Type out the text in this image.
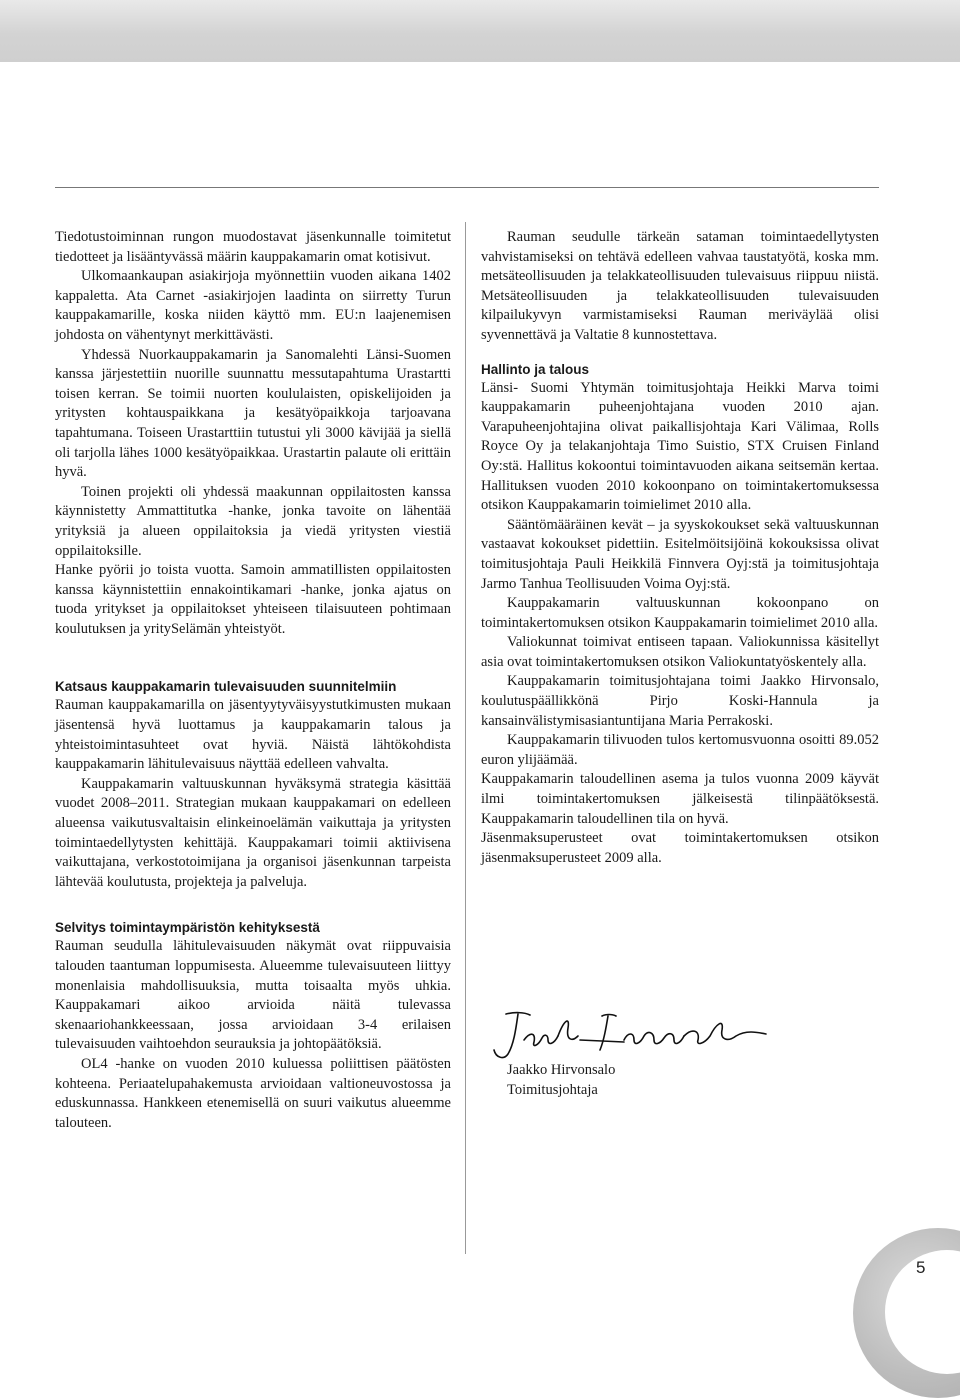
Tiedotustoiminnan rungon muodostavat jäsenkunnalle toimitetut tiedotteet ja lisääntyvässä määrin kauppakamarin omat kotisivut.

Ulkomaankaupan asiakirjoja myönnettiin vuoden aikana 1402 kappaletta. Ata Carnet -asiakirjojen laadinta on siirretty Turun kauppakamarille, koska niiden käyttö mm. EU:n laajenemisen johdosta on vähentynyt merkittävästi.

Yhdessä Nuorkauppakamarin ja Sanomalehti Länsi-Suomen kanssa järjestettiin nuorille suunnattu messutapahtuma Urastartti toisen kerran. Se toimii nuorten koululaisten, opiskelijoiden ja yritysten kohtauspaikkana ja kesätyöpaikkoja tarjoavana tapahtumana. Toiseen Urastarttiin tutustui yli 3000 kävijää ja siellä oli tarjolla lähes 1000 kesätyöpaikkaa. Urastartin palaute oli erittäin hyvä.

Toinen projekti oli yhdessä maakunnan oppilaitosten kanssa käynnistetty Ammattitutka -hanke, jonka tavoite on lähentää yrityksiä ja alueen oppilaitoksia ja viedä yritysten viestiä oppilaitoksille.

Hanke pyörii jo toista vuotta. Samoin ammatillisten oppilaitosten kanssa käynnistettiin ennakointikamari -hanke, jonka ajatus on tuoda yritykset ja oppilaitokset yhteiseen tilaisuuteen pohtimaan koulutuksen ja yritySelämän yhteistyöt.

Katsaus kauppakamarin tulevaisuuden suunnitelmiin

Rauman kauppakamarilla on jäsentyytyväisyystutkimusten mukaan jäsentensä hyvä luottamus ja kauppakamarin talous ja yhteistoimintasuhteet ovat hyviä. Näistä lähtökohdista kauppakamarin lähitulevaisuus näyttää edelleen vahvalta.

Kauppakamarin valtuuskunnan hyväksymä strategia käsittää vuodet 2008–2011. Strategian mukaan kauppakamari on edelleen alueensa vaikutusvaltaisin elinkeinoelämän vaikuttaja ja yritysten toimintaedellytysten kehittäjä. Kauppakamari toimii aktiivisena vaikuttajana, verkostotoimijana ja organisoi jäsenkunnan tarpeista lähtevää koulutusta, projekteja ja palveluja.

Selvitys toimintaympäristön kehityksestä

Rauman seudulla lähitulevaisuuden näkymät ovat riippuvaisia talouden taantuman loppumisesta. Alueemme tulevaisuuteen liittyy monenlaisia mahdollisuuksia, mutta toisaalta myös uhkia. Kauppakamari aikoo arvioida näitä tulevassa skenaariohankkeessaan, jossa arvioidaan 3-4 erilaisen tulevaisuuden vaihtoehdon seurauksia ja johtopäätöksiä.

OL4 -hanke on vuoden 2010 kuluessa poliittisen päätösten kohteena. Periaatelupahakemusta arvioidaan valtioneuvostossa ja eduskunnassa. Hankkeen etenemisellä on suuri vaikutus alueemme talouteen.

Rauman seudulle tärkeän sataman toimintaedellytysten vahvistamiseksi on tehtävä edelleen vahvaa taustatyötä, koska mm. metsäteollisuuden ja telakkateollisuuden tulevaisuus riippuu niistä. Metsäteollisuuden ja telakkateollisuuden tulevaisuuden kilpailukyvyn varmistamiseksi Rauman meriväylää olisi syvennettävä ja Valtatie 8 kunnostettava.

Hallinto ja talous

Länsi- Suomi Yhtymän toimitusjohtaja Heikki Marva toimi kauppakamarin puheenjohtajana vuoden 2010 ajan. Varapuheenjohtajina olivat paikallisjohtaja Kari Välimaa, Rolls Royce Oy ja telakanjohtaja Timo Suistio, STX Cruisen Finland Oy:stä. Hallitus kokoontui toimintavuoden aikana seitsemän kertaa. Hallituksen vuoden 2010 kokoonpano on toimintakertomuksessa otsikon Kauppakamarin toimielimet 2010 alla.

Sääntömääräinen kevät – ja syyskokoukset sekä valtuuskunnan vastaavat kokoukset pidettiin. Esitelmöitsijöinä kokouksissa olivat toimitusjohtaja Pauli Heikkilä Finnvera Oyj:stä ja toimitusjohtaja Jarmo Tanhua Teollisuuden Voima Oyj:stä.

Kauppakamarin valtuuskunnan kokoonpano on toimintakertomuksen otsikon Kauppakamarin toimielimet 2010 alla.

Valiokunnat toimivat entiseen tapaan. Valiokunnissa käsitellyt asia ovat toimintakertomuksen otsikon Valiokuntatyöskentely alla.

Kauppakamarin toimitusjohtajana toimi Jaakko Hirvonsalo, koulutuspäällikkönä Pirjo Koski-Hannula ja kansainvälistymisasiantuntijana Maria Perrakoski.

Kauppakamarin tilivuoden tulos kertomusvuonna osoitti 89.052 euron ylijäämää.

Kauppakamarin taloudellinen asema ja tulos vuonna 2009 käyvät ilmi toimintakertomuksen jälkeisestä tilinpäätöksestä. Kauppakamarin taloudellinen tila on hyvä.

Jäsenmaksuperusteet ovat toimintakertomuksen otsikon jäsenmaksuperusteet 2009 alla.

Jaakko Hirvonsalo
Toimitusjohtaja
5
